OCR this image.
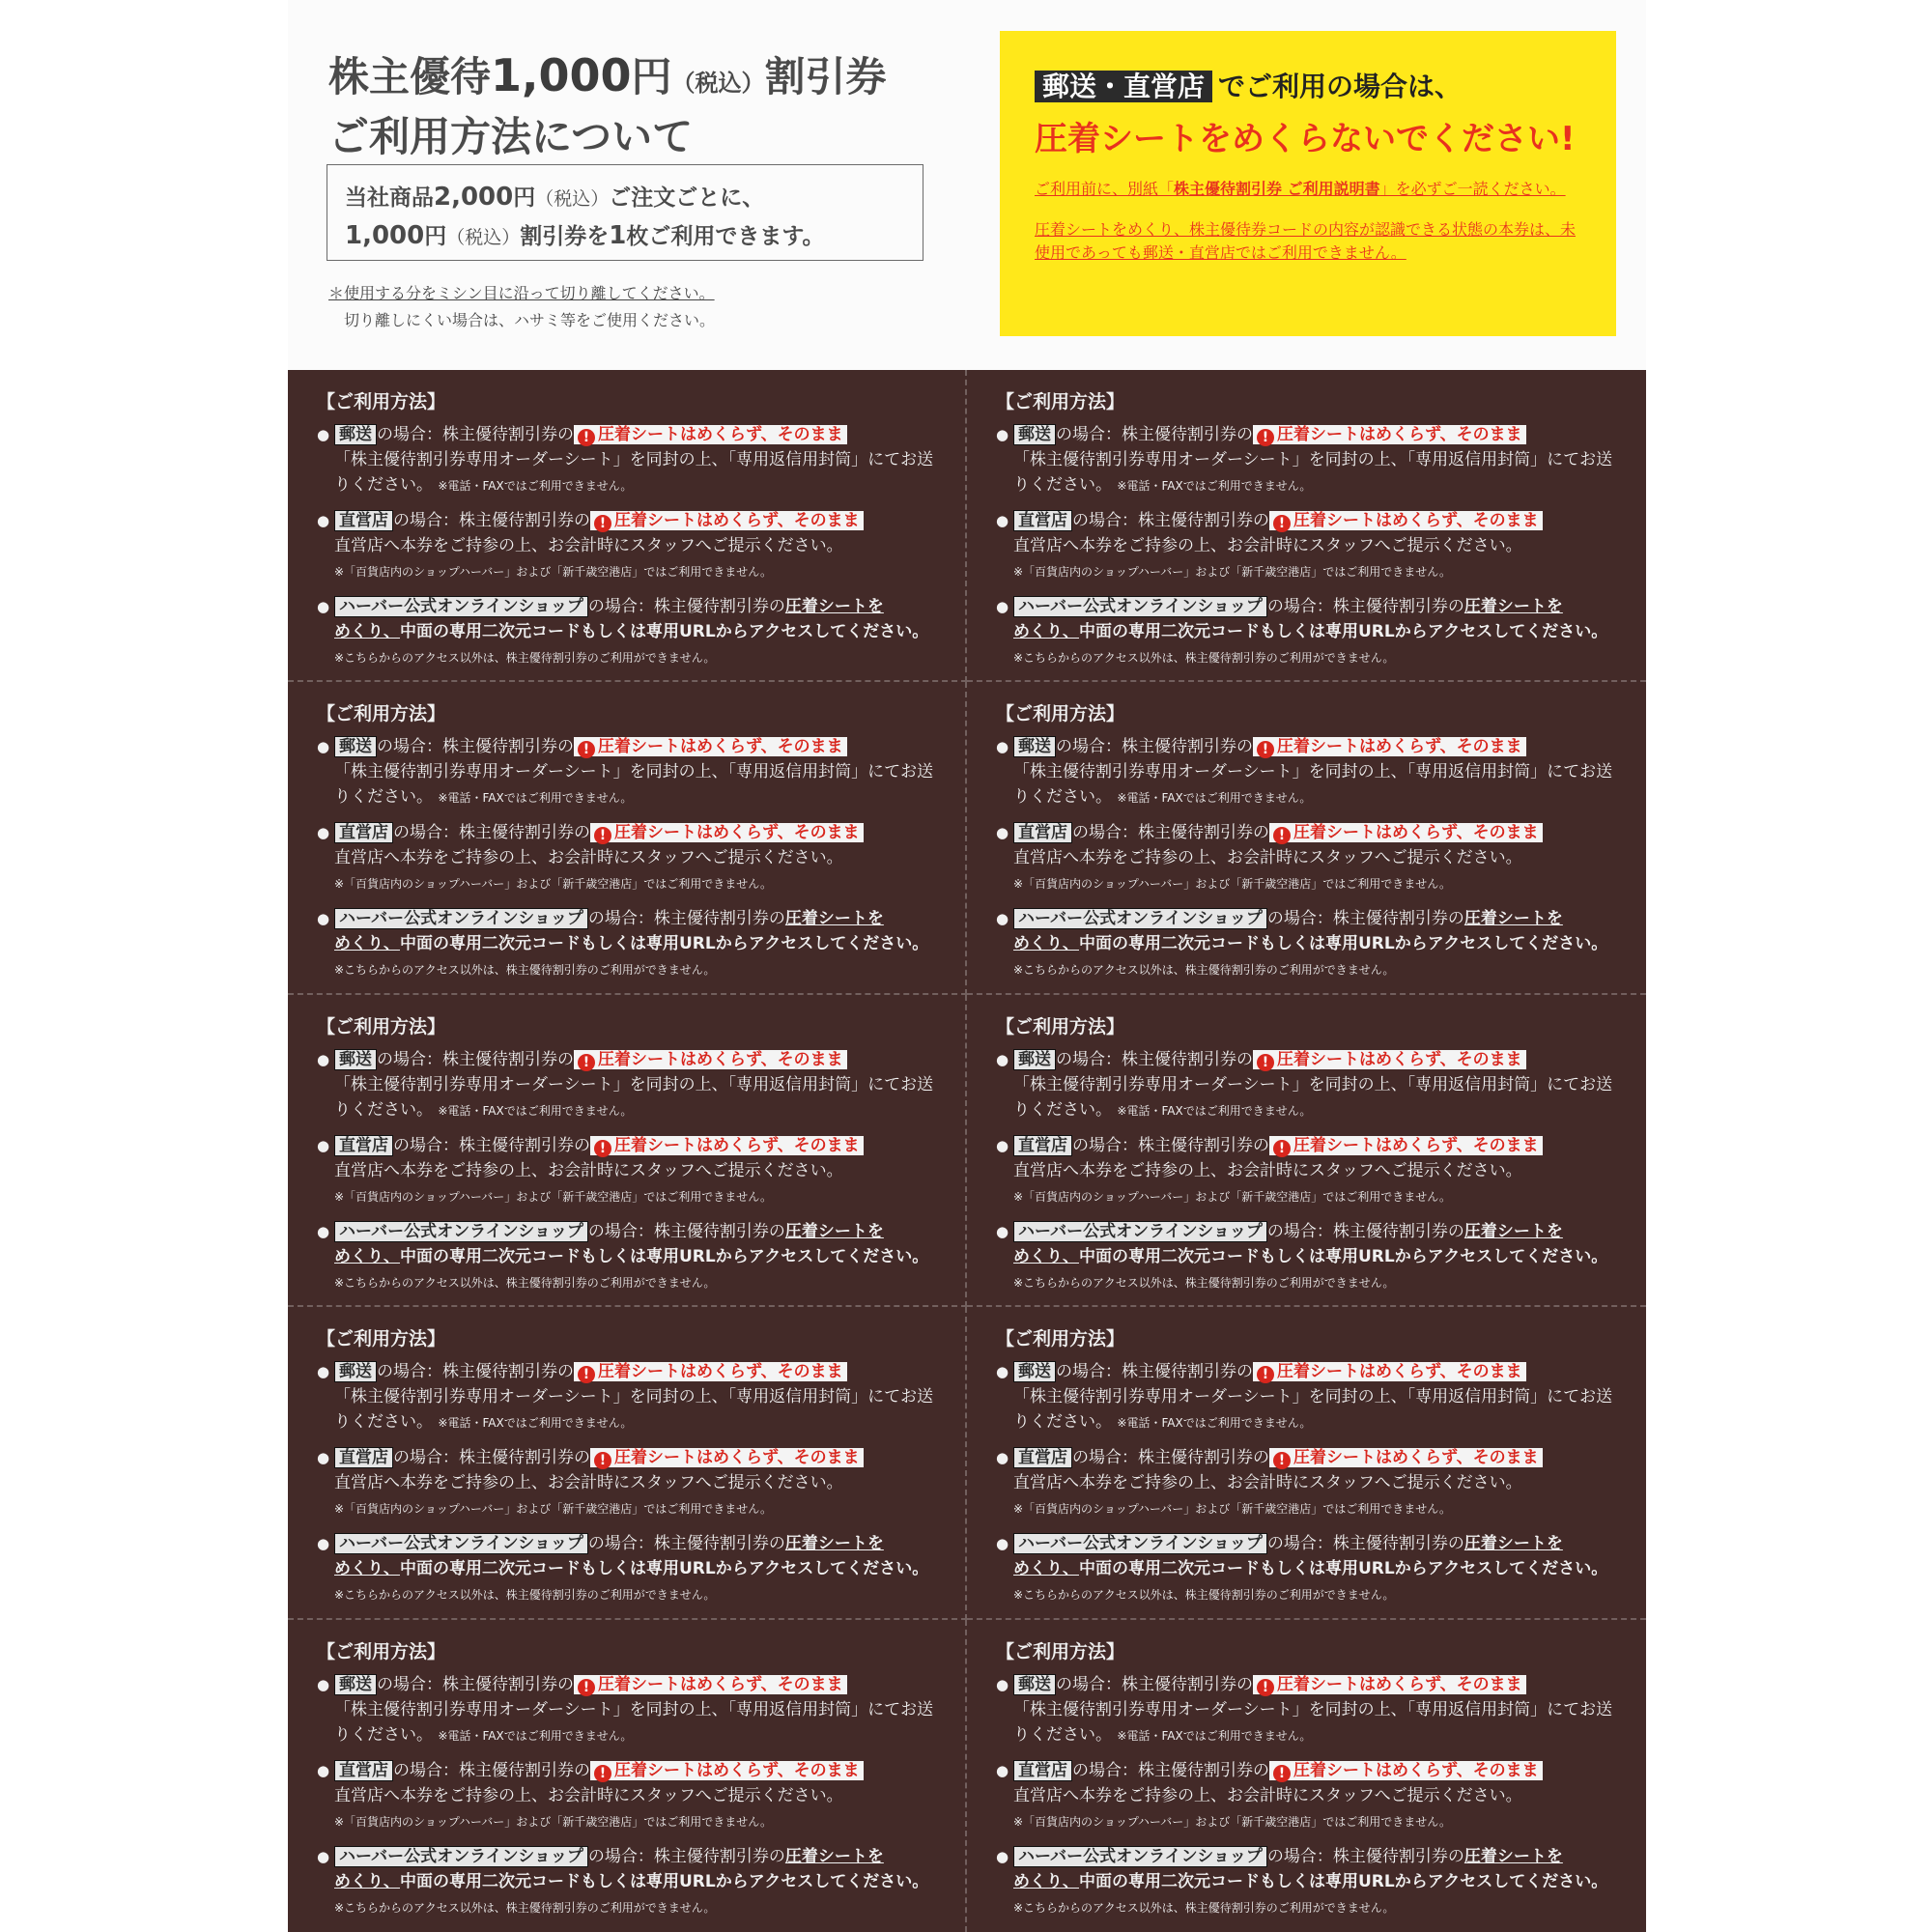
株主優待1,000円（税込）割引券
ご利用方法について
当社商品2,000円（税込）ご注文ごとに、
1,000円（税込）割引券を1枚ご利用できます。
＊使用する分をミシン目に沿って切り離してください。
切り離しにくい場合は、ハサミ等をご使用ください。
郵送・直営店 でご利用の場合は、
圧着シートをめくらないでください!
ご利用前に、別紙「株主優待割引券 ご利用説明書」を必ずご一読ください。
圧着シートをめくり、株主優待券コードの内容が認識できる状態の本券は、未使用であっても郵送・直営店ではご利用できません。
【ご利用方法】
● 郵送 の場合：株主優待割引券の ! 圧着シートはめくらず、そのまま
「株主優待割引券専用オーダーシート」を同封の上、「専用返信用封筒」にてお送りください。 ※電話・FAXではご利用できません。
● 直営店 の場合：株主優待割引券の ! 圧着シートはめくらず、そのまま
直営店へ本券をご持参の上、お会計時にスタッフへご提示ください。
※「百貨店内のショップハーバー」および「新千歳空港店」ではご利用できません。
● ハーバー公式オンラインショップ の場合：株主優待割引券の圧着シートを
めくり、中面の専用二次元コードもしくは専用URLからアクセスしてください。
※こちらからのアクセス以外は、株主優待割引券のご利用ができません。
【ご利用方法】
● 郵送 の場合：株主優待割引券の ! 圧着シートはめくらず、そのまま
「株主優待割引券専用オーダーシート」を同封の上、「専用返信用封筒」にてお送りください。 ※電話・FAXではご利用できません。
● 直営店 の場合：株主優待割引券の ! 圧着シートはめくらず、そのまま
直営店へ本券をご持参の上、お会計時にスタッフへご提示ください。
※「百貨店内のショップハーバー」および「新千歳空港店」ではご利用できません。
● ハーバー公式オンラインショップ の場合：株主優待割引券の圧着シートを
めくり、中面の専用二次元コードもしくは専用URLからアクセスしてください。
※こちらからのアクセス以外は、株主優待割引券のご利用ができません。
【ご利用方法】
● 郵送 の場合：株主優待割引券の ! 圧着シートはめくらず、そのまま
「株主優待割引券専用オーダーシート」を同封の上、「専用返信用封筒」にてお送りください。 ※電話・FAXではご利用できません。
● 直営店 の場合：株主優待割引券の ! 圧着シートはめくらず、そのまま
直営店へ本券をご持参の上、お会計時にスタッフへご提示ください。
※「百貨店内のショップハーバー」および「新千歳空港店」ではご利用できません。
● ハーバー公式オンラインショップ の場合：株主優待割引券の圧着シートを
めくり、中面の専用二次元コードもしくは専用URLからアクセスしてください。
※こちらからのアクセス以外は、株主優待割引券のご利用ができません。
【ご利用方法】
● 郵送 の場合：株主優待割引券の ! 圧着シートはめくらず、そのまま
「株主優待割引券専用オーダーシート」を同封の上、「専用返信用封筒」にてお送りください。 ※電話・FAXではご利用できません。
● 直営店 の場合：株主優待割引券の ! 圧着シートはめくらず、そのまま
直営店へ本券をご持参の上、お会計時にスタッフへご提示ください。
※「百貨店内のショップハーバー」および「新千歳空港店」ではご利用できません。
● ハーバー公式オンラインショップ の場合：株主優待割引券の圧着シートを
めくり、中面の専用二次元コードもしくは専用URLからアクセスしてください。
※こちらからのアクセス以外は、株主優待割引券のご利用ができません。
【ご利用方法】
● 郵送 の場合：株主優待割引券の ! 圧着シートはめくらず、そのまま
「株主優待割引券専用オーダーシート」を同封の上、「専用返信用封筒」にてお送りください。 ※電話・FAXではご利用できません。
● 直営店 の場合：株主優待割引券の ! 圧着シートはめくらず、そのまま
直営店へ本券をご持参の上、お会計時にスタッフへご提示ください。
※「百貨店内のショップハーバー」および「新千歳空港店」ではご利用できません。
● ハーバー公式オンラインショップ の場合：株主優待割引券の圧着シートを
めくり、中面の専用二次元コードもしくは専用URLからアクセスしてください。
※こちらからのアクセス以外は、株主優待割引券のご利用ができません。
【ご利用方法】
● 郵送 の場合：株主優待割引券の ! 圧着シートはめくらず、そのまま
「株主優待割引券専用オーダーシート」を同封の上、「専用返信用封筒」にてお送りください。 ※電話・FAXではご利用できません。
● 直営店 の場合：株主優待割引券の ! 圧着シートはめくらず、そのまま
直営店へ本券をご持参の上、お会計時にスタッフへご提示ください。
※「百貨店内のショップハーバー」および「新千歳空港店」ではご利用できません。
● ハーバー公式オンラインショップ の場合：株主優待割引券の圧着シートを
めくり、中面の専用二次元コードもしくは専用URLからアクセスしてください。
※こちらからのアクセス以外は、株主優待割引券のご利用ができません。
【ご利用方法】
● 郵送 の場合：株主優待割引券の ! 圧着シートはめくらず、そのまま
「株主優待割引券専用オーダーシート」を同封の上、「専用返信用封筒」にてお送りください。 ※電話・FAXではご利用できません。
● 直営店 の場合：株主優待割引券の ! 圧着シートはめくらず、そのまま
直営店へ本券をご持参の上、お会計時にスタッフへご提示ください。
※「百貨店内のショップハーバー」および「新千歳空港店」ではご利用できません。
● ハーバー公式オンラインショップ の場合：株主優待割引券の圧着シートを
めくり、中面の専用二次元コードもしくは専用URLからアクセスしてください。
※こちらからのアクセス以外は、株主優待割引券のご利用ができません。
【ご利用方法】
● 郵送 の場合：株主優待割引券の ! 圧着シートはめくらず、そのまま
「株主優待割引券専用オーダーシート」を同封の上、「専用返信用封筒」にてお送りください。 ※電話・FAXではご利用できません。
● 直営店 の場合：株主優待割引券の ! 圧着シートはめくらず、そのまま
直営店へ本券をご持参の上、お会計時にスタッフへご提示ください。
※「百貨店内のショップハーバー」および「新千歳空港店」ではご利用できません。
● ハーバー公式オンラインショップ の場合：株主優待割引券の圧着シートを
めくり、中面の専用二次元コードもしくは専用URLからアクセスしてください。
※こちらからのアクセス以外は、株主優待割引券のご利用ができません。
【ご利用方法】
● 郵送 の場合：株主優待割引券の ! 圧着シートはめくらず、そのまま
「株主優待割引券専用オーダーシート」を同封の上、「専用返信用封筒」にてお送りください。 ※電話・FAXではご利用できません。
● 直営店 の場合：株主優待割引券の ! 圧着シートはめくらず、そのまま
直営店へ本券をご持参の上、お会計時にスタッフへご提示ください。
※「百貨店内のショップハーバー」および「新千歳空港店」ではご利用できません。
● ハーバー公式オンラインショップ の場合：株主優待割引券の圧着シートを
めくり、中面の専用二次元コードもしくは専用URLからアクセスしてください。
※こちらからのアクセス以外は、株主優待割引券のご利用ができません。
【ご利用方法】
● 郵送 の場合：株主優待割引券の ! 圧着シートはめくらず、そのまま
「株主優待割引券専用オーダーシート」を同封の上、「専用返信用封筒」にてお送りください。 ※電話・FAXではご利用できません。
● 直営店 の場合：株主優待割引券の ! 圧着シートはめくらず、そのまま
直営店へ本券をご持参の上、お会計時にスタッフへご提示ください。
※「百貨店内のショップハーバー」および「新千歳空港店」ではご利用できません。
● ハーバー公式オンラインショップ の場合：株主優待割引券の圧着シートを
めくり、中面の専用二次元コードもしくは専用URLからアクセスしてください。
※こちらからのアクセス以外は、株主優待割引券のご利用ができません。
